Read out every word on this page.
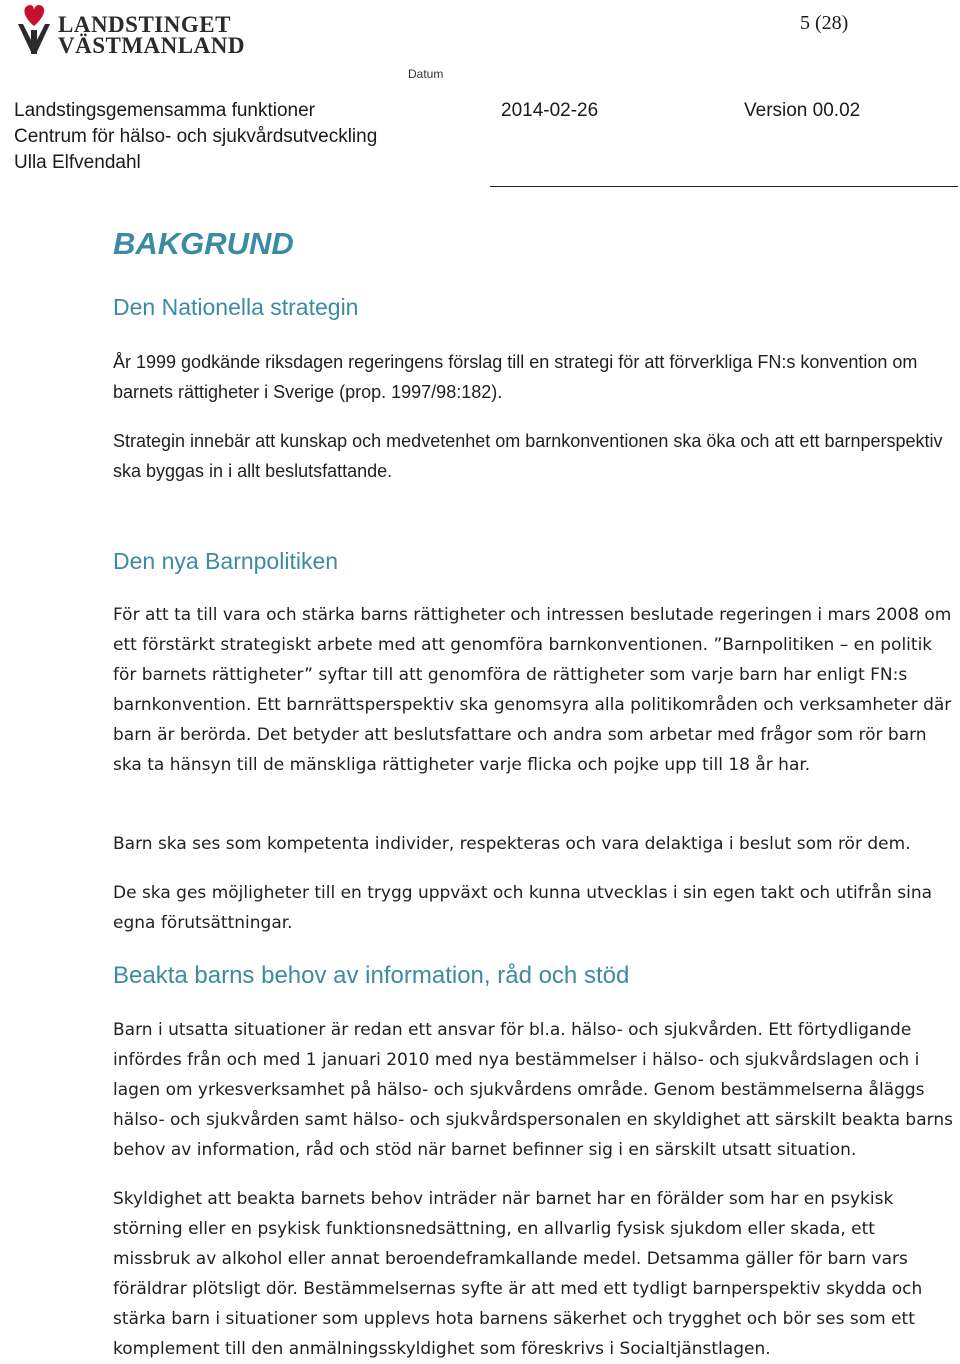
LANDSTINGET
VÄSTMANLAND
5 (28)
Datum
Landstingsgemensamma funktioner	2014-02-26	Version 00.02
Centrum för hälso- och sjukvårdsutveckling
Ulla Elfvendahl
BAKGRUND
Den Nationella strategin
År 1999 godkände riksdagen regeringens förslag till en strategi för att förverkliga FN:s konvention om barnets rättigheter i Sverige (prop. 1997/98:182).
Strategin innebär att kunskap och medvetenhet om barnkonventionen ska öka och att ett barnperspektiv ska byggas in i allt beslutsfattande.
Den nya Barnpolitiken
För att ta till vara och stärka barns rättigheter och intressen beslutade regeringen i mars 2008 om ett förstärkt strategiskt arbete med att genomföra barnkonventionen. ”Barnpolitiken – en politik för barnets rättigheter” syftar till att genomföra de rättigheter som varje barn har enligt FN:s barnkonvention. Ett barnrättsperspektiv ska genomsyra alla politikområden och verksamheter där barn är berörda. Det betyder att beslutsfattare och andra som arbetar med frågor som rör barn ska ta hänsyn till de mänskliga rättigheter varje flicka och pojke upp till 18 år har.
Barn ska ses som kompetenta individer, respekteras och vara delaktiga i beslut som rör dem.
De ska ges möjligheter till en trygg uppväxt och kunna utvecklas i sin egen takt och utifrån sina egna förutsättningar.
Beakta barns behov av information, råd och stöd
Barn i utsatta situationer är redan ett ansvar för bl.a. hälso- och sjukvården. Ett förtydligande infördes från och med 1 januari 2010 med nya bestämmelser i hälso- och sjukvårdslagen och i lagen om yrkesverksamhet på hälso- och sjukvårdens område. Genom bestämmelserna åläggs hälso- och sjukvården samt hälso- och sjukvårdspersonalen en skyldighet att särskilt beakta barns behov av information, råd och stöd när barnet befinner sig i en särskilt utsatt situation.
Skyldighet att beakta barnets behov inträder när barnet har en förälder som har en psykisk störning eller en psykisk funktionsnedsättning, en allvarlig fysisk sjukdom eller skada, ett missbruk av alkohol eller annat beroendeframkallande medel. Detsamma gäller för barn vars föräldrar plötsligt dör. Bestämmelsernas syfte är att med ett tydligt barnperspektiv skydda och stärka barn i situationer som upplevs hota barnens säkerhet och trygghet och bör ses som ett komplement till den anmälningsskyldighet som föreskrivs i Socialtjänstlagen.
